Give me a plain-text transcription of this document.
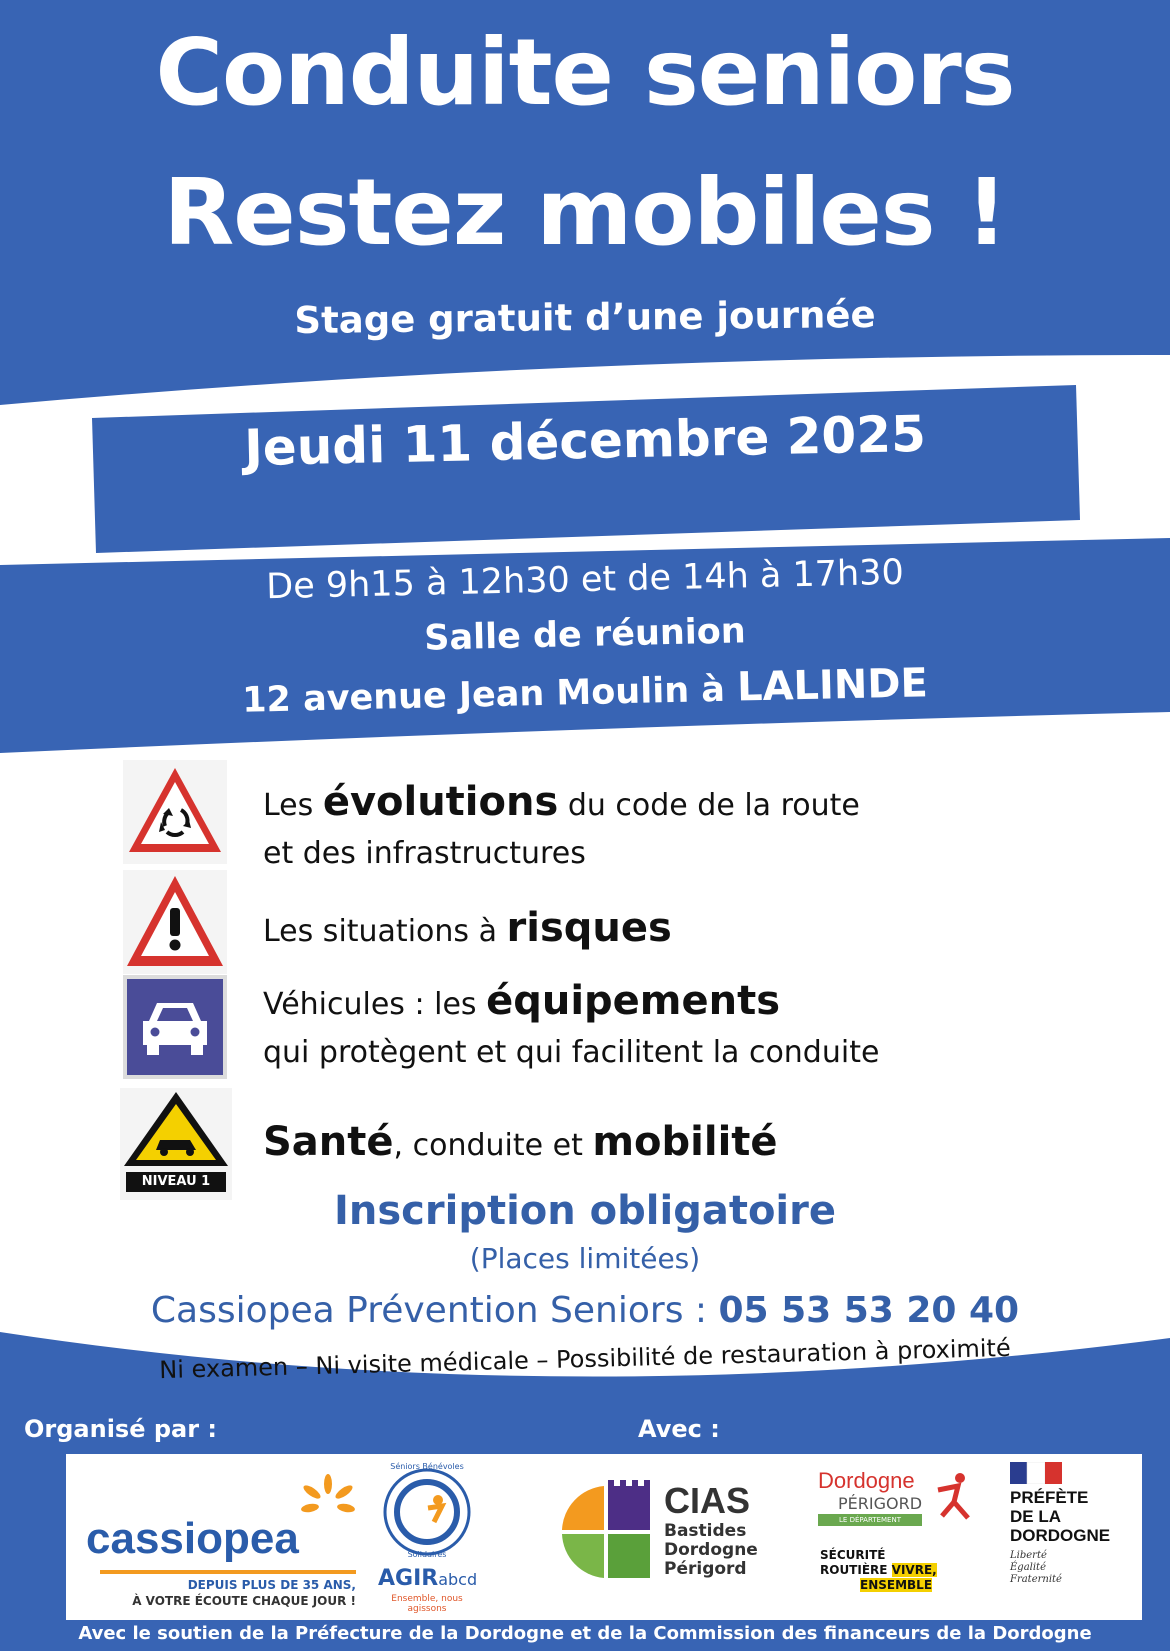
Conduite seniors
Restez mobiles !
Stage gratuit d’une journée
Jeudi 11 décembre 2025
De 9h15 à 12h30 et de 14h à 17h30
Salle de réunion
12 avenue Jean Moulin à LALINDE
NIVEAU 1
Les évolutions du code de la route
et des infrastructures
Les situations à risques
Véhicules : les équipements
qui protègent et qui facilitent la conduite
Santé, conduite et mobilité
Inscription obligatoire
(Places limitées)
Cassiopea Prévention Seniors : 05 53 53 20 40
Ni examen – Ni visite médicale – Possibilité de restauration à proximité
Organisé par :	Avec :
cassiopea
DEPUIS PLUS DE 35 ANS,
À VOTRE ÉCOUTE CHAQUE JOUR !
Séniors Bénévoles
Solidaires
AGIRabcd
Ensemble, nous agissons
CIAS
Bastides
Dordogne
Périgord
Dordogne
PÉRIGORD
LE DÉPARTEMENT
SÉCURITÉ
ROUTIÈRE VIVRE,
ENSEMBLE
PRÉFÈTE
DE LA
DORDOGNE
Liberté
Égalité
Fraternité
Avec le soutien de la Préfecture de la Dordogne et de la Commission des financeurs de la Dordogne
